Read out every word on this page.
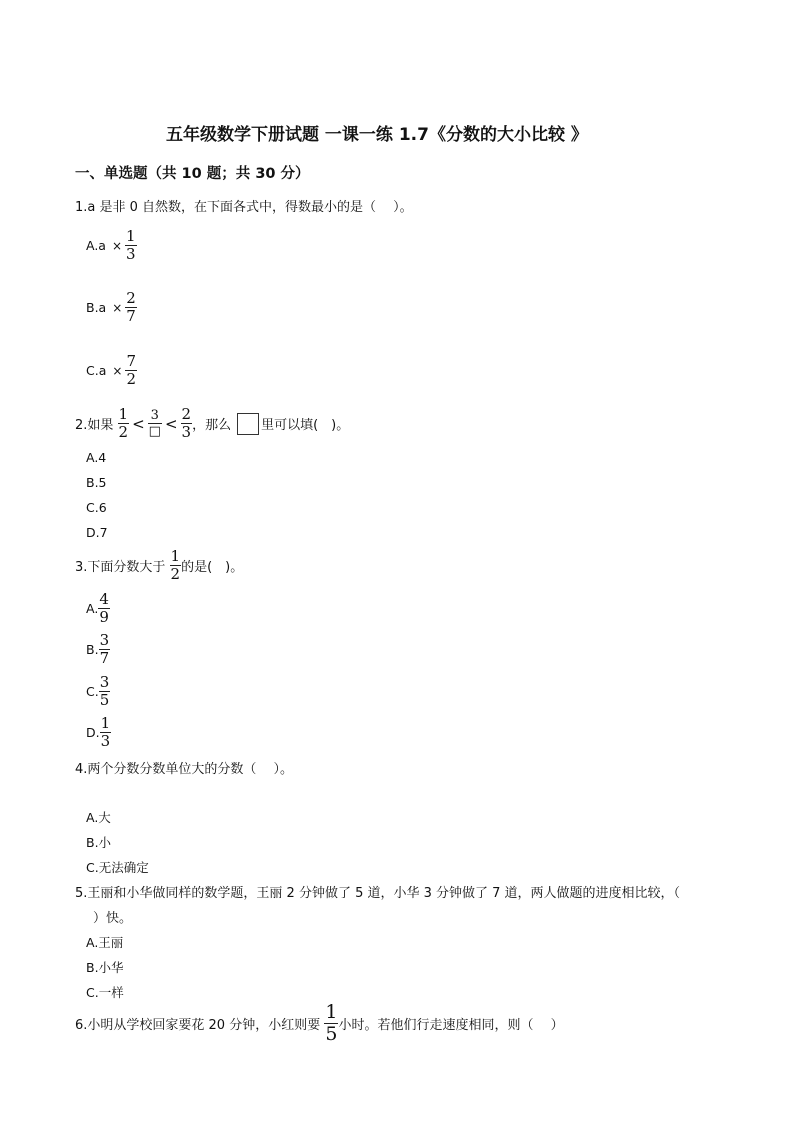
五年级数学下册试题 一课一练 1.7《分数的大小比较 》
一、单选题（共 10 题；共 30 分）
1.a 是非 0 自然数，在下面各式中，得数最小的是（　 ）。
$A.a \times \frac{1}{3}$
$B.a \times \frac{2}{7}$
$C.a \times \frac{7}{2}$
2.如果 $\frac{1}{2} < \frac{3}{□} < \frac{2}{3}$ ，那么 里可以填(　)。
A.4
B.5
C.6
D.7
3.下面分数大于 $\frac{1}{2}$ 的是(　)。
A. $\frac{4}{9}$
B. $\frac{3}{7}$
C. $\frac{3}{5}$
D. $\frac{1}{3}$
4.两个分数分数单位大的分数（　 ）。
A.大
B.小
C.无法确定
5.王丽和小华做同样的数学题，王丽 2 分钟做了 5 道，小华 3 分钟做了 7 道，两人做题的进度相比较，（
　）快。
A.王丽
B.小华
C.一样
6.小明从学校回家要花 20 分钟，小红则要 $\frac{1}{5}$ 小时。若他们行走速度相同，则（　 ）
